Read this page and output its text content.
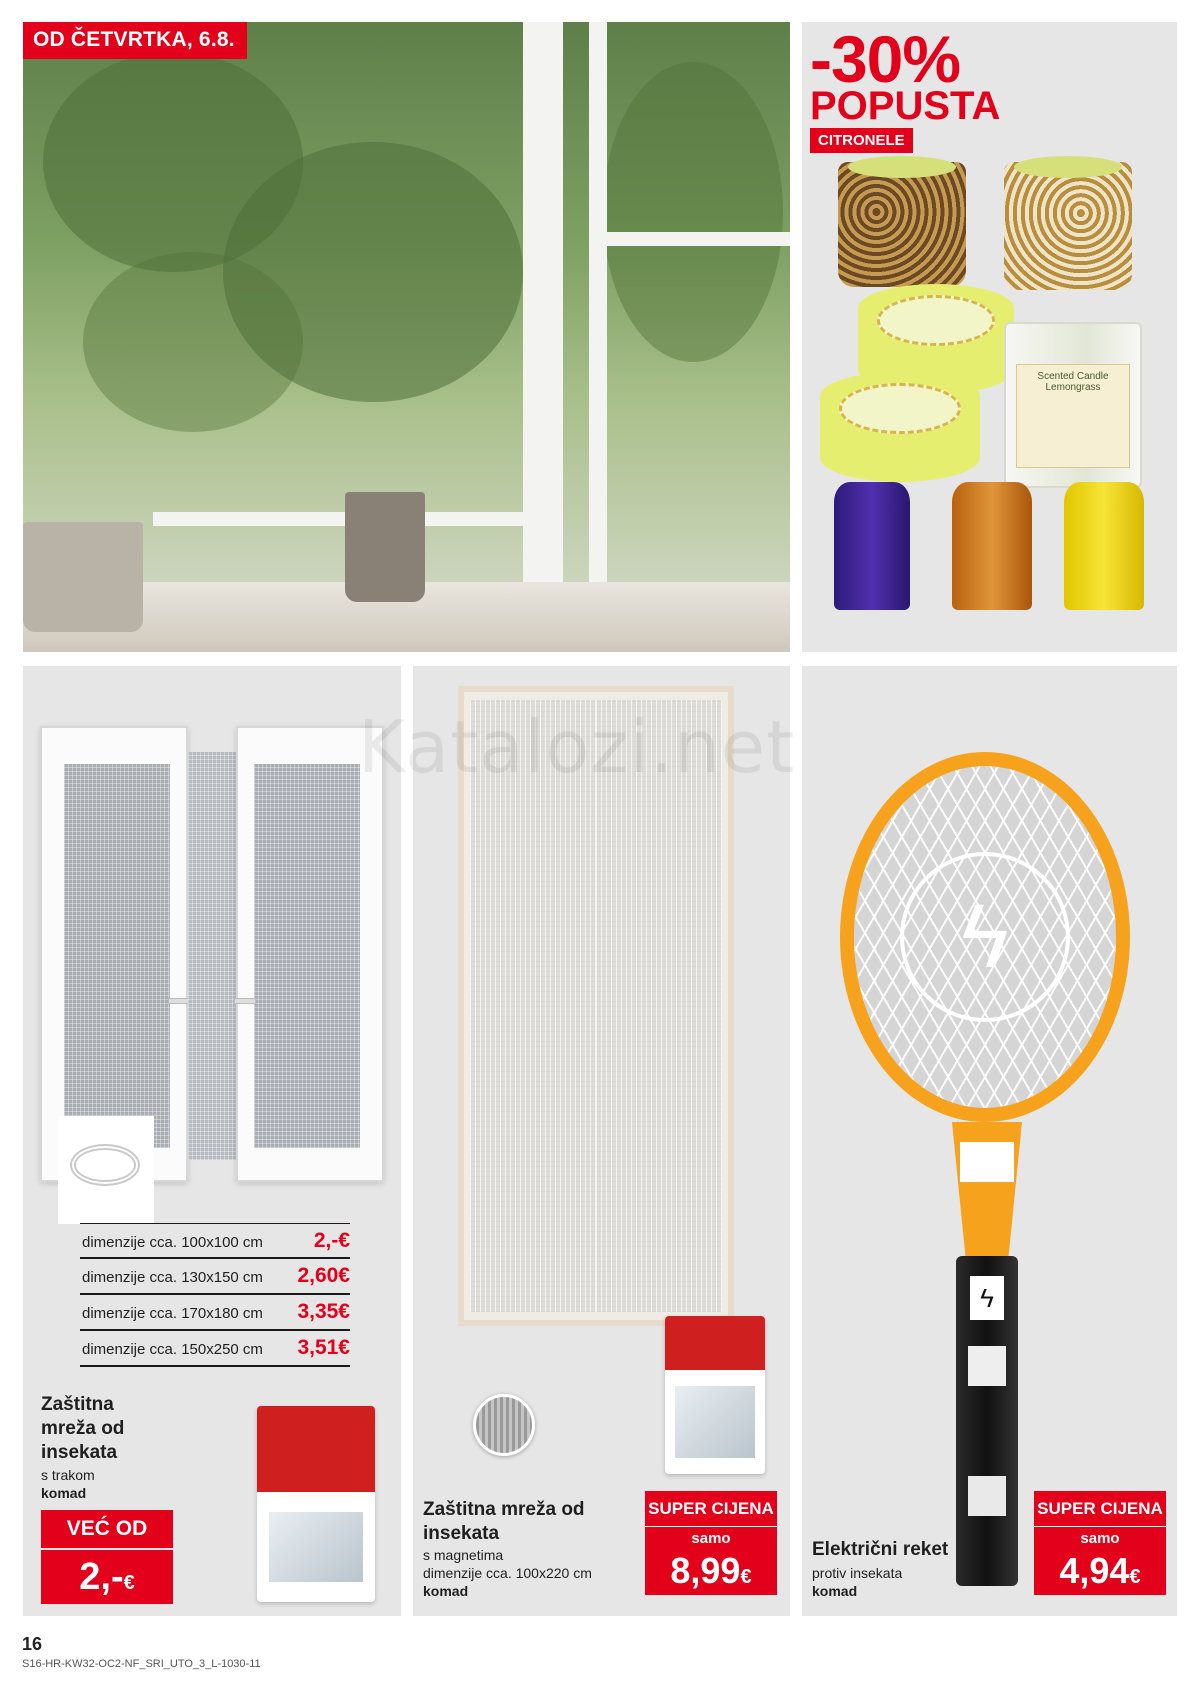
OD ČETVRTKA, 6.8.	-30%
POPUSTA
CITRONELE
Scented Candle Lemongrass
dimenzije cca. 100x100 cm 2,-€
dimenzije cca. 130x150 cm 2,60€
dimenzije cca. 170x180 cm 3,35€
dimenzije cca. 150x250 cm 3,51€
Zaštitna
mreža od
insekata
s trakom
komad
VEĆ OD
2,-€
Zaštitna mreža od
insekata
s magnetima
dimenzije cca. 100x220 cm
komad
SUPER CIJENA
samo
8,99€
ϟ
ϟ
Električni reket
protiv insekata
komad
SUPER CIJENA
samo
4,94€
Katalozi.net
16
S16-HR-KW32-OC2-NF_SRI_UTO_3_L-1030-11
